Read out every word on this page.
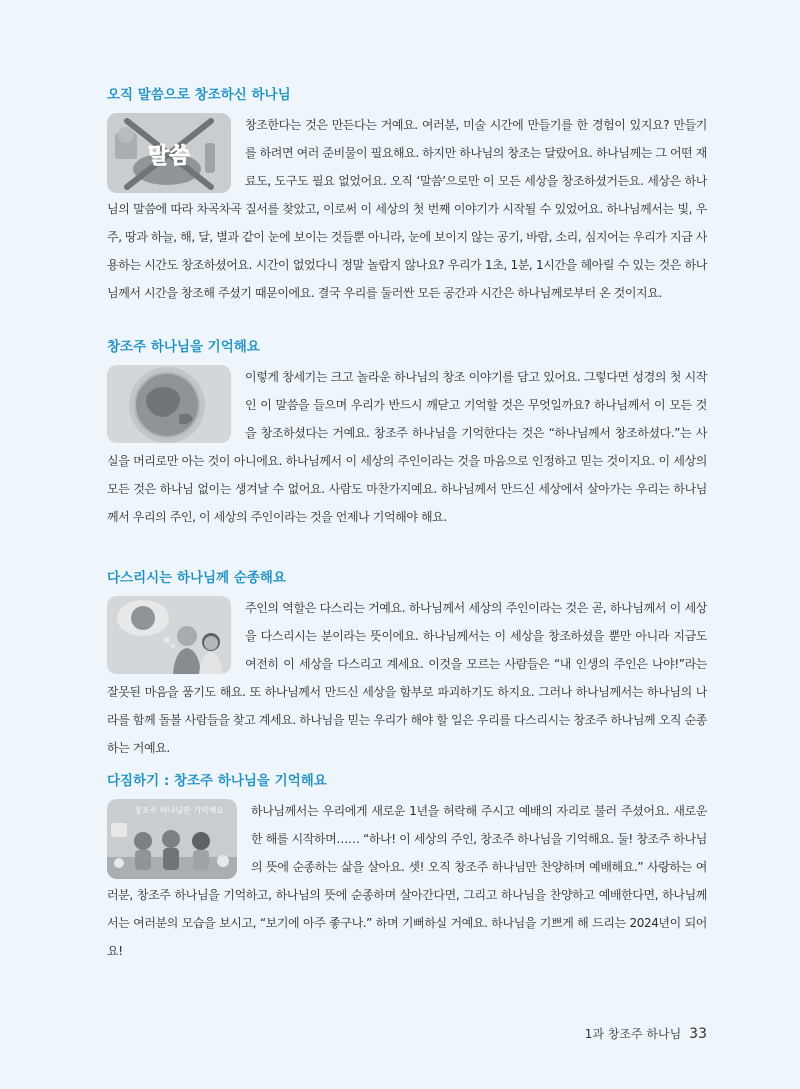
오직 말씀으로 창조하신 하나님
말씀

창조한다는 것은 만든다는 거예요. 여러분, 미술 시간에 만들기를 한 경험이 있지요? 만들기를 하려면 여러 준비물이 필요해요. 하지만 하나님의 창조는 달랐어요. 하나님께는 그 어떤 재료도, 도구도 필요 없었어요. 오직 ‘말씀’으로만 이 모든 세상을 창조하셨거든요. 세상은 하나님의 말씀에 따라 차곡차곡 질서를 찾았고, 이로써 이 세상의 첫 번째 이야기가 시작될 수 있었어요. 하나님께서는 빛, 우주, 땅과 하늘, 해, 달, 별과 같이 눈에 보이는 것들뿐 아니라, 눈에 보이지 않는 공기, 바람, 소리, 심지어는 우리가 지금 사용하는 시간도 창조하셨어요. 시간이 없었다니 정말 놀랍지 않나요? 우리가 1초, 1분, 1시간을 헤아릴 수 있는 것은 하나님께서 시간을 창조해 주셨기 때문이에요. 결국 우리를 둘러싼 모든 공간과 시간은 하나님께로부터 온 것이지요.

창조주 하나님을 기억해요

이렇게 창세기는 크고 놀라운 하나님의 창조 이야기를 담고 있어요. 그렇다면 성경의 첫 시작인 이 말씀을 들으며 우리가 반드시 깨닫고 기억할 것은 무엇일까요? 하나님께서 이 모든 것을 창조하셨다는 거예요. 창조주 하나님을 기억한다는 것은 “하나님께서 창조하셨다.”는 사실을 머리로만 아는 것이 아니에요. 하나님께서 이 세상의 주인이라는 것을 마음으로 인정하고 믿는 것이지요. 이 세상의 모든 것은 하나님 없이는 생겨날 수 없어요. 사람도 마찬가지예요. 하나님께서 만드신 세상에서 살아가는 우리는 하나님께서 우리의 주인, 이 세상의 주인이라는 것을 언제나 기억해야 해요.

다스리시는 하나님께 순종해요

주인의 역할은 다스리는 거예요. 하나님께서 세상의 주인이라는 것은 곧, 하나님께서 이 세상을 다스리시는 분이라는 뜻이에요. 하나님께서는 이 세상을 창조하셨을 뿐만 아니라 지금도 여전히 이 세상을 다스리고 계세요. 이것을 모르는 사람들은 “내 인생의 주인은 나야!”라는 잘못된 마음을 품기도 해요. 또 하나님께서 만드신 세상을 함부로 파괴하기도 하지요. 그러나 하나님께서는 하나님의 나라를 함께 돌볼 사람들을 찾고 계세요. 하나님을 믿는 우리가 해야 할 일은 우리를 다스리시는 창조주 하나님께 오직 순종하는 거예요.

다짐하기 : 창조주 하나님을 기억해요
창조주 하나님만 기억해요	하나님께서는 우리에게 새로운 1년을 허락해 주시고 예배의 자리로 불러 주셨어요. 새로운 한 해를 시작하며…… “하나! 이 세상의 주인, 창조주 하나님을 기억해요. 둘! 창조주 하나님의 뜻에 순종하는 삶을 살아요. 셋! 오직 창조주 하나님만 찬양하며 예배해요.” 사랑하는 여러분, 창조주 하나님을 기억하고, 하나님의 뜻에 순종하며 살아간다면, 그리고 하나님을 찬양하고 예배한다면, 하나님께서는 여러분의 모습을 보시고, “보기에 아주 좋구나.” 하며 기뻐하실 거예요. 하나님을 기쁘게 해 드리는 2024년이 되어요!

1과 창조주 하나님 33
